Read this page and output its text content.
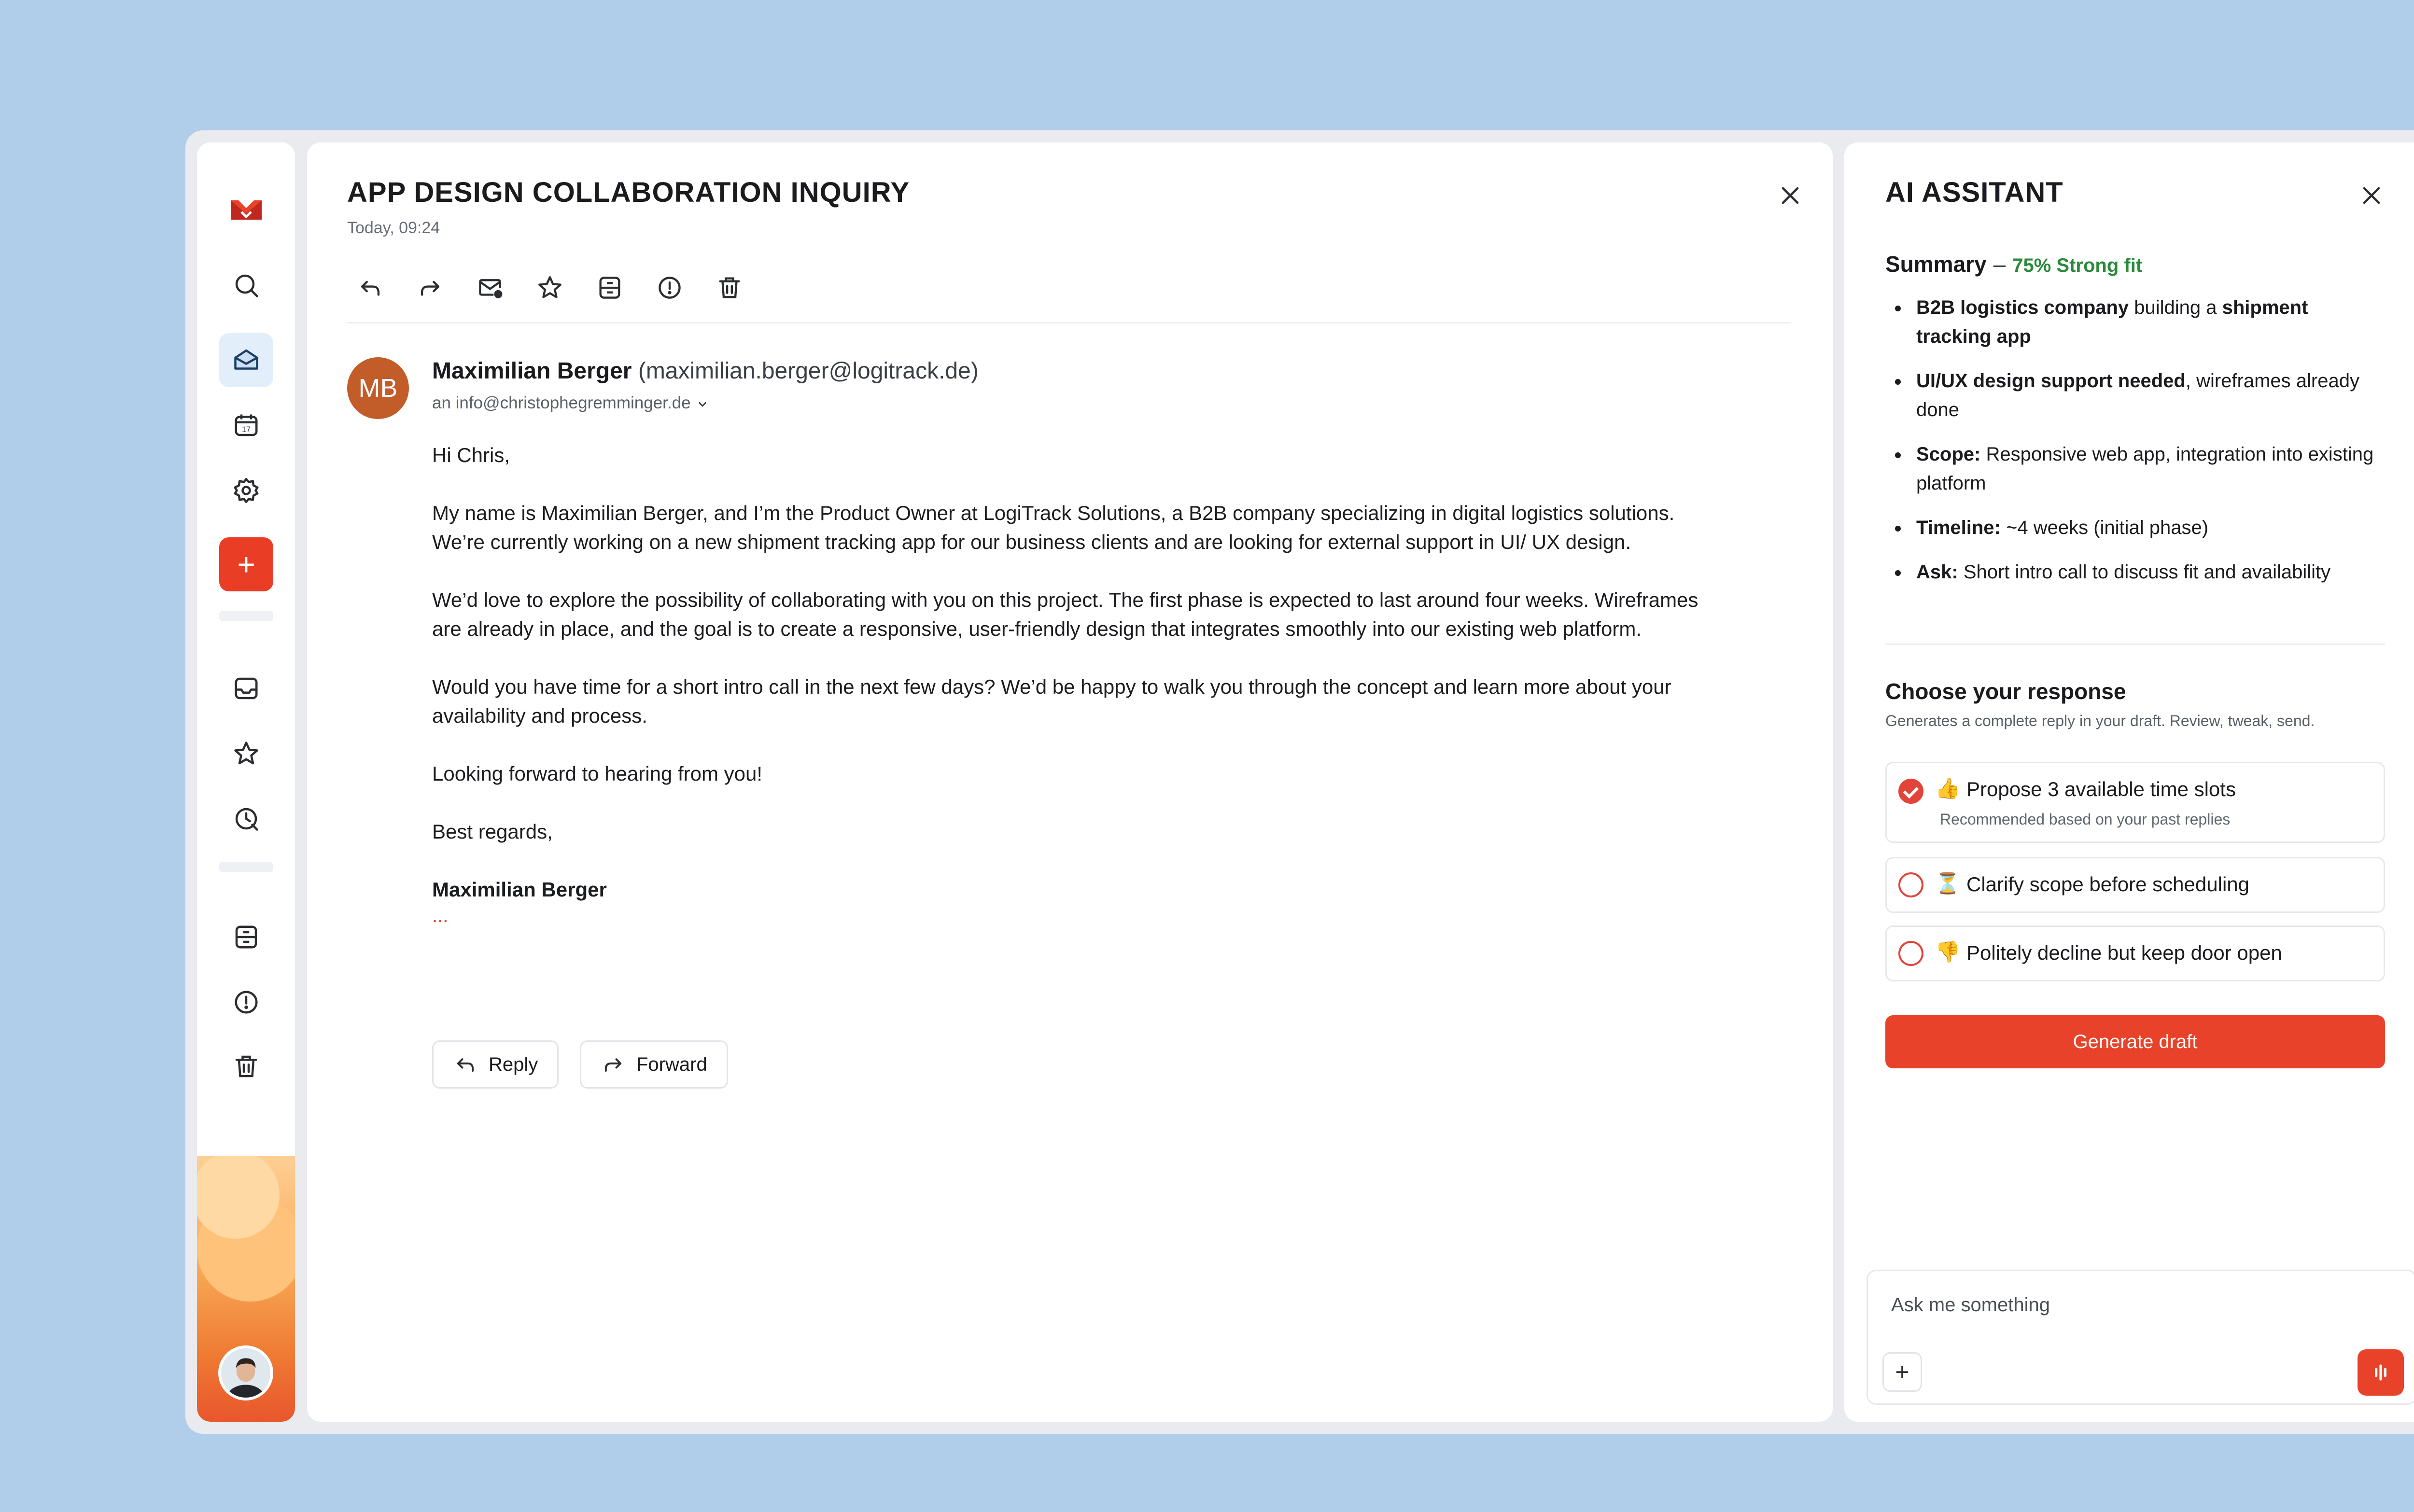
17
+
APP DESIGN COLLABORATION INQUIRY
Today, 09:24
MB
Maximilian Berger (maximilian.berger@logitrack.de)
an info@christophegremminger.de

Hi Chris,

My name is Maximilian Berger, and I’m the Product Owner at LogiTrack Solutions, a B2B company specializing in digital logistics solutions. We’re currently working on a new shipment tracking app for our business clients and are looking for external support in UI/ UX design.

We’d love to explore the possibility of collaborating with you on this project. The first phase is expected to last around four weeks. Wireframes are already in place, and the goal is to create a responsive, user-friendly design that integrates smoothly into our existing web platform.

Would you have time for a short intro call in the next few days? We’d be happy to walk you through the concept and learn more about your availability and process.

Looking forward to hearing from you!

Best regards,

Maximilian Berger

...
Reply	Forward
AI ASSITANT
Summary – 75% Strong fit
B2B logistics company building a shipment tracking app
UI/UX design support needed, wireframes already done
Scope: Responsive web app, integration into existing platform
Timeline: ~4 weeks (initial phase)
Ask: Short intro call to discuss fit and availability
Choose your response
Generates a complete reply in your draft. Review, tweak, send.
👍 Propose 3 available time slots
Recommended based on your past replies
⏳ Clarify scope before scheduling
👎 Politely decline but keep door open
Generate draft
Ask me something
+
